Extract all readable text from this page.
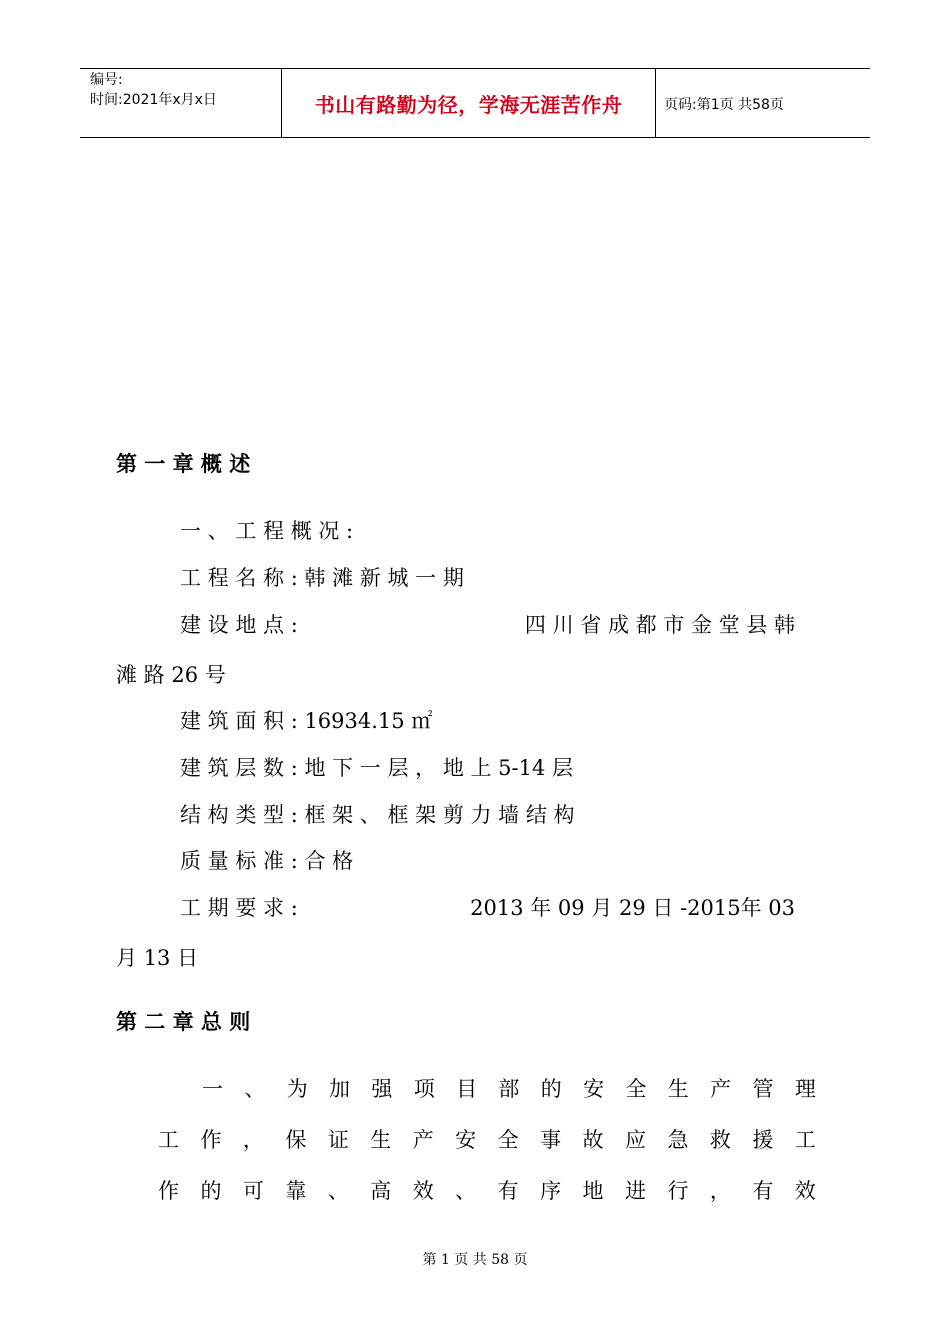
编号:
时间:2021年x月x日	书山有路勤为径，学海无涯苦作舟	页码:第1页 共58页
第 一 章 概 述
一 、 工 程 概 况 :
工 程 名 称 : 韩 滩 新 城 一 期
建 设 地 点 :	四 川 省 成 都 市 金 堂 县 韩
滩 路 26 号
建 筑 面 积 : 16934.15 ㎡
建 筑 层 数 : 地 下 一 层 ， 地 上 5-14 层
结 构 类 型 : 框 架 、 框 架 剪 力 墙 结 构
质 量 标 准 : 合 格
工 期 要 求 :	2013 年 09 月 29 日 -2015年 03
月 13 日
第 二 章 总 则
一 、 为 加 强 项 目 部 的 安 全 生 产 管 理
工 作 ， 保 证 生 产 安 全 事 故 应 急 救 援 工
作 的 可 靠 、 高 效 、 有 序 地 进 行 ， 有 效
第 1 页 共 58 页
